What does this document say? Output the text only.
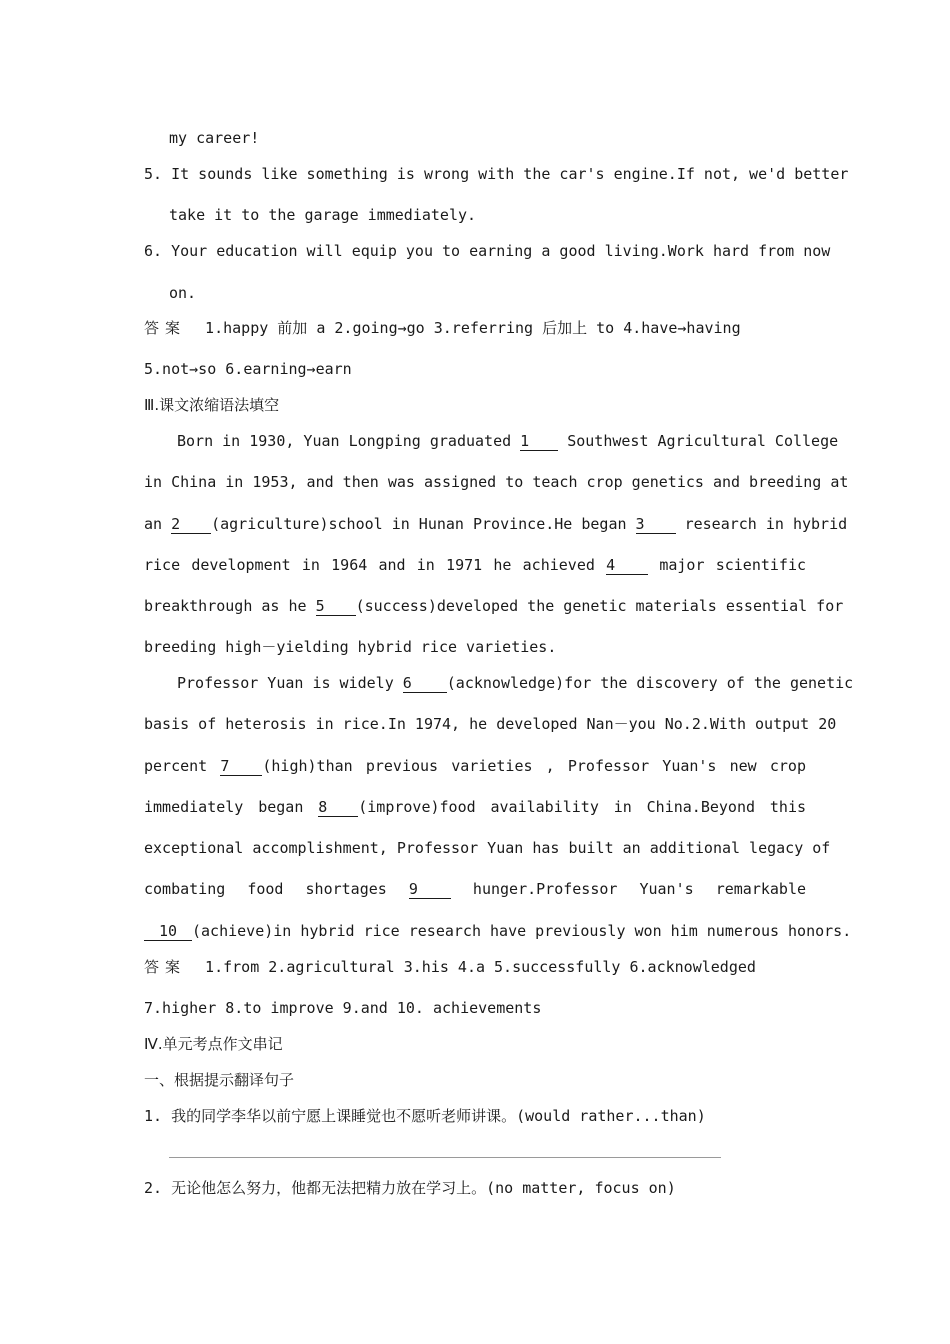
my career!
5. It sounds like something is wrong with the car's engine.If not, we'd better
take it to the garage immediately.
6. Your education will equip you to earning a good living.Work hard from now
on.
答案 1.happy 前加 a 2.going→go 3.referring 后加上 to 4.have→having
5.not→so 6.earning→earn
Ⅲ.课文浓缩语法填空
Born in 1930, Yuan Longping graduated 1	Southwest Agricultural College
in China in 1953, and then was assigned to teach crop genetics and breeding at
an 2 (agriculture)school in Hunan Province.He began 3	research in hybrid
rice development in 1964 and in 1971 he achieved 4	major scientific
breakthrough as he 5 (success)developed the genetic materials essential for
breeding high－yielding hybrid rice varieties.
Professor Yuan is widely 6 (acknowledge)for the discovery of the genetic
basis of heterosis in rice.In 1974, he developed Nan－you No.2.With output 20
percent 7 (high)than previous varieties , Professor Yuan's new crop
immediately began 8 (improve)food availability in China.Beyond this
exceptional accomplishment, Professor Yuan has built an additional legacy of
combating food shortages 9	hunger.Professor Yuan's remarkable
10 (achieve)in hybrid rice research have previously won him numerous honors.
答案 1.from 2.agricultural 3.his 4.a 5.successfully 6.acknowledged
7.higher 8.to improve 9.and 10. achievements
Ⅳ.单元考点作文串记
一、根据提示翻译句子
1. 我的同学李华以前宁愿上课睡觉也不愿听老师讲课。(would rather...than)
2. 无论他怎么努力，他都无法把精力放在学习上。(no matter, focus on)
